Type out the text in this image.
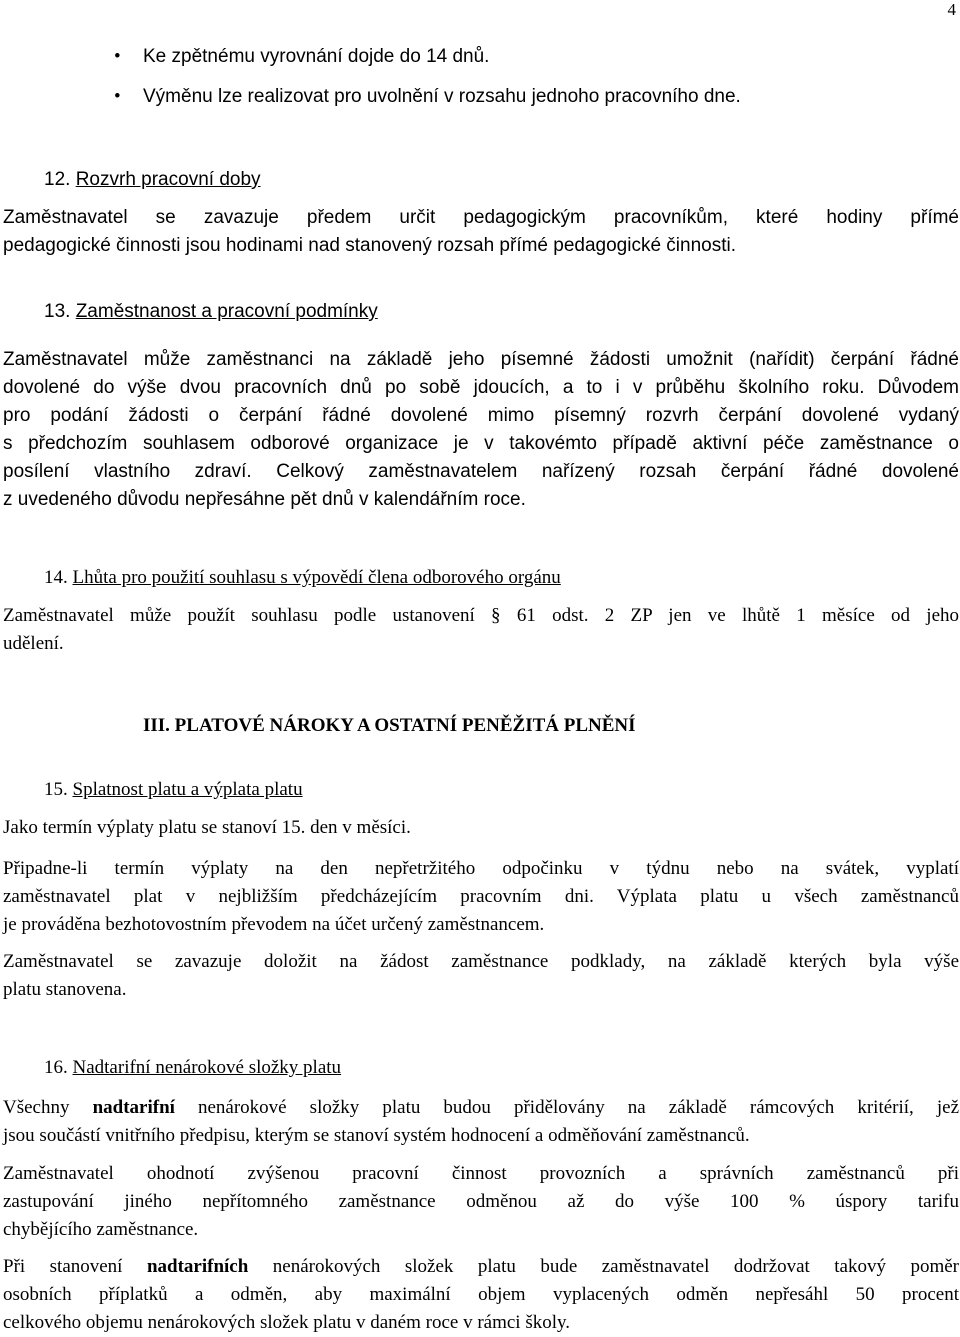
4
• Ke zpětnému vyrovnání dojde do 14 dnů.
• Výměnu lze realizovat pro uvolnění v rozsahu jednoho pracovního dne.
12. Rozvrh pracovní doby
Zaměstnavatel se zavazuje předem určit pedagogickým pracovníkům, které hodiny přímé
pedagogické činnosti jsou hodinami nad stanovený rozsah přímé pedagogické činnosti.
13. Zaměstnanost a pracovní podmínky
Zaměstnavatel může zaměstnanci na základě jeho písemné žádosti umožnit (nařídit) čerpání řádné
dovolené do výše dvou pracovních dnů po sobě jdoucích, a to i v průběhu školního roku. Důvodem
pro podání žádosti o čerpání řádné dovolené mimo písemný rozvrh čerpání dovolené vydaný
s předchozím souhlasem odborové organizace je v takovémto případě aktivní péče zaměstnance o
posílení vlastního zdraví. Celkový zaměstnavatelem nařízený rozsah čerpání řádné dovolené
z uvedeného důvodu nepřesáhne pět dnů v kalendářním roce.
14. Lhůta pro použití souhlasu s výpovědí člena odborového orgánu
Zaměstnavatel může použít souhlasu podle ustanovení § 61 odst. 2 ZP jen ve lhůtě 1 měsíce od jeho
udělení.
III. PLATOVÉ NÁROKY A OSTATNÍ PENĚŽITÁ PLNĚNÍ
15. Splatnost platu a výplata platu
Jako termín výplaty platu se stanoví 15. den v měsíci.
Připadne-li termín výplaty na den nepřetržitého odpočinku v týdnu nebo na svátek, vyplatí
zaměstnavatel plat v nejbližším předcházejícím pracovním dni. Výplata platu u všech zaměstnanců
je prováděna bezhotovostním převodem na účet určený zaměstnancem.
Zaměstnavatel se zavazuje doložit na žádost zaměstnance podklady, na základě kterých byla výše
platu stanovena.
16. Nadtarifní nenárokové složky platu
Všechny nadtarifní nenárokové složky platu budou přidělovány na základě rámcových kritérií, jež
jsou součástí vnitřního předpisu, kterým se stanoví systém hodnocení a odměňování zaměstnanců.
Zaměstnavatel ohodnotí zvýšenou pracovní činnost provozních a správních zaměstnanců při
zastupování jiného nepřítomného zaměstnance odměnou až do výše 100 % úspory tarifu
chybějícího zaměstnance.
Při stanovení nadtarifních nenárokových složek platu bude zaměstnavatel dodržovat takový poměr
osobních příplatků a odměn, aby maximální objem vyplacených odměn nepřesáhl 50 procent
celkového objemu nenárokových složek platu v daném roce v rámci školy.
